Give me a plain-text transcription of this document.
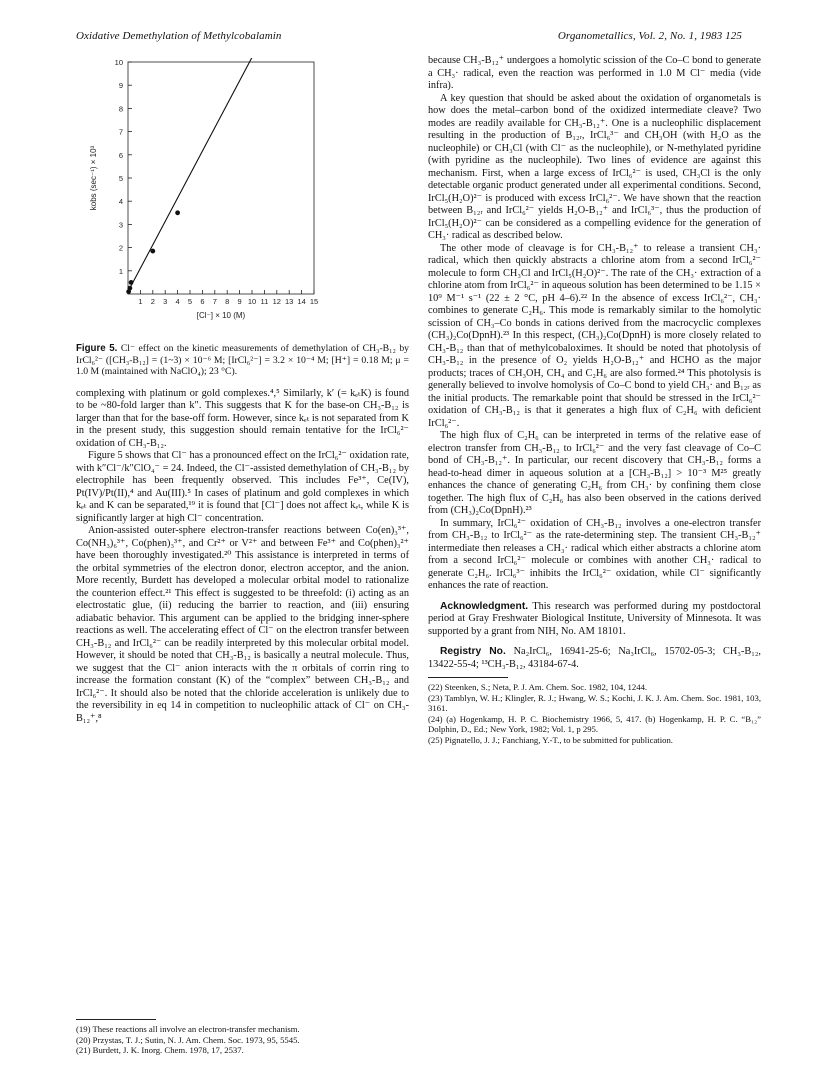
Oxidative Demethylation of Methylcobalamin	Organometallics, Vol. 2, No. 1, 1983 125
1 2 3 4 5 6 7 8 9 10 11 12 13 14 15
1
2
3
4
5
6
7
8
9
10
[Cl⁻] × 10 (M)
kobs (sec⁻¹) × 10³
Figure 5. Cl⁻ effect on the kinetic measurements of demethylation of CH₃-B₁₂ by IrCl₆²⁻ ([CH₃-B₁₂] = (1~3) × 10⁻⁶ M; [IrCl₆²⁻] = 3.2 × 10⁻⁴ M; [H⁺] = 0.18 M; μ = 1.0 M (maintained with NaClO₄); 23 °C).

complexing with platinum or gold complexes.⁴,⁵ Similarly, k′ (= kₑₜK) is found to be ~80-fold larger than k″. This suggests that K for the base-on CH₃-B₁₂ is larger than that for the base-off form. However, since kₑₜ is not separated from K in the present study, this suggestion should remain tentative for the IrCl₆²⁻ oxidation of CH₃-B₁₂.

Figure 5 shows that Cl⁻ has a pronounced effect on the IrCl₆²⁻ oxidation rate, with k″Cl⁻/k″ClO₄⁻ = 24. Indeed, the Cl⁻-assisted demethylation of CH₃-B₁₂ by electrophile has been frequently observed. This includes Fe³⁺, Ce(IV), Pt(IV)/Pt(II),⁴ and Au(III).⁵ In cases of platinum and gold complexes in which kₑₜ and K can be separated,¹⁹ it is found that [Cl⁻] does not affect kₑₜ, while K is significantly larger at high Cl⁻ concentration.

Anion-assisted outer-sphere electron-transfer reactions between Co(en)₃³⁺, Co(NH₃)₆³⁺, Co(phen)₃³⁺, and Cr²⁺ or V²⁺ and between Fe³⁺ and Co(phen)₃²⁺ have been thoroughly investigated.²⁰ This assistance is interpreted in terms of the orbital symmetries of the electron donor, electron acceptor, and the anion. More recently, Burdett has developed a molecular orbital model to rationalize the counterion effect.²¹ This effect is suggested to be threefold: (i) acting as an electrostatic glue, (ii) reducing the barrier to reaction, and (iii) ensuring adiabatic behavior. This argument can be applied to the bridging inner-sphere reactions as well. The accelerating effect of Cl⁻ on the electron transfer between CH₃-B₁₂ and IrCl₆²⁻ can be readily interpreted by this molecular orbital model. However, it should be noted that CH₃-B₁₂ is basically a neutral molecule. Thus, we suggest that the Cl⁻ anion interacts with the π orbitals of corrin ring to increase the formation constant (K) of the “complex” between CH₃-B₁₂ and IrCl₆²⁻. It should also be noted that the chloride acceleration is unlikely due to the reversibility in eq 14 in competition to nucleophilic attack of Cl⁻ on CH₃-B₁₂⁺,⁸

(19) These reactions all involve an electron-transfer mechanism.
(20) Przystas, T. J.; Sutin, N. J. Am. Chem. Soc. 1973, 95, 5545.
(21) Burdett, J. K. Inorg. Chem. 1978, 17, 2537.

because CH₃-B₁₂⁺ undergoes a homolytic scission of the Co–C bond to generate a CH₃· radical, even the reaction was performed in 1.0 M Cl⁻ media (vide infra).

A key question that should be asked about the oxidation of organometals is how does the metal–carbon bond of the oxidized intermediate cleave? Two modes are readily available for CH₃-B₁₂⁺. One is a nucleophilic displacement resulting in the production of B₁₂ᵣ, IrCl₆³⁻ and CH₃OH (with H₂O as the nucleophile) or CH₃Cl (with Cl⁻ as the nucleophile), or N-methylated pyridine (with pyridine as the nucleophile). Two lines of evidence are against this mechanism. First, when a large excess of IrCl₆²⁻ is used, CH₃Cl is the only detectable organic product generated under all experimental conditions. Second, IrCl₅(H₂O)²⁻ is produced with excess IrCl₆²⁻. We have shown that the reaction between B₁₂ᵣ and IrCl₆²⁻ yields H₂O-B₁₂⁺ and IrCl₆³⁻, thus the production of IrCl₅(H₂O)²⁻ can be considered as a compelling evidence for the generation of CH₃· radical as described below.

The other mode of cleavage is for CH₃-B₁₂⁺ to release a transient CH₃· radical, which then quickly abstracts a chlorine atom from a second IrCl₆²⁻ molecule to form CH₃Cl and IrCl₅(H₂O)²⁻. The rate of the CH₃· extraction of a chlorine atom from IrCl₆²⁻ in aqueous solution has been determined to be 1.15 × 10⁹ M⁻¹ s⁻¹ (22 ± 2 °C, pH 4–6).²² In the absence of excess IrCl₆²⁻, CH₃· combines to generate C₂H₆. This mode is remarkably similar to the homolytic scission of CH₃–Co bonds in cations derived from the macrocyclic complexes (CH₃)₂Co(DpnH).²³ In this respect, (CH₃)₂Co(DpnH) is more closely related to CH₃-B₁₂ than that of methylcobaloximes. It should be noted that photolysis of CH₃-B₁₂ in the presence of O₂ yields H₂O-B₁₂⁺ and HCHO as the major products; traces of CH₃OH, CH₄ and C₂H₆ are also formed.²⁴ This photolysis is generally believed to involve homolysis of Co–C bond to yield CH₃· and B₁₂ᵣ as the initial products. The remarkable point that should be stressed in the IrCl₆²⁻ oxidation of CH₃-B₁₂ is that it generates a high flux of C₂H₆ with deficient IrCl₆²⁻.

The high flux of C₂H₆ can be interpreted in terms of the relative ease of electron transfer from CH₃-B₁₂ to IrCl₆²⁻ and the very fast cleavage of Co–C bond of CH₃-B₁₂⁺. In particular, our recent discovery that CH₃-B₁₂ forms a head-to-head dimer in aqueous solution at a [CH₃-B₁₂] > 10⁻³ M²⁵ greatly enhances the chance of generating C₂H₆ from CH₃· by confining them close together. The high flux of C₂H₆ has also been observed in the cations derived from (CH₃)₂Co(DpnH).²³

In summary, IrCl₆²⁻ oxidation of CH₃-B₁₂ involves a one-electron transfer from CH₃-B₁₂ to IrCl₆²⁻ as the rate-determining step. The transient CH₃-B₁₂⁺ intermediate then releases a CH₃· radical which either abstracts a chlorine atom from a second IrCl₆²⁻ molecule or combines with another CH₃· radical to generate C₂H₆. IrCl₆³⁻ inhibits the IrCl₆²⁻ oxidation, while Cl⁻ significantly enhances the rate of reaction.

Acknowledgment. This research was performed during my postdoctoral period at Gray Freshwater Biological Institute, University of Minnesota. It was supported by a grant from NIH, No. AM 18101.

Registry No. Na₂IrCl₆, 16941-25-6; Na₃IrCl₆, 15702-05-3; CH₃-B₁₂, 13422-55-4; ¹³CH₃-B₁₂, 43184-67-4.

(22) Steenken, S.; Neta, P. J. Am. Chem. Soc. 1982, 104, 1244.
(23) Tamblyn, W. H.; Klingler, R. J.; Hwang, W. S.; Kochi, J. K. J. Am. Chem. Soc. 1981, 103, 3161.
(24) (a) Hogenkamp, H. P. C. Biochemistry 1966, 5, 417. (b) Hogenkamp, H. P. C. “B₁₂” Dolphin, D., Ed.; New York, 1982; Vol. 1, p 295.
(25) Pignatello, J. J.; Fanchiang, Y.-T., to be submitted for publication.
